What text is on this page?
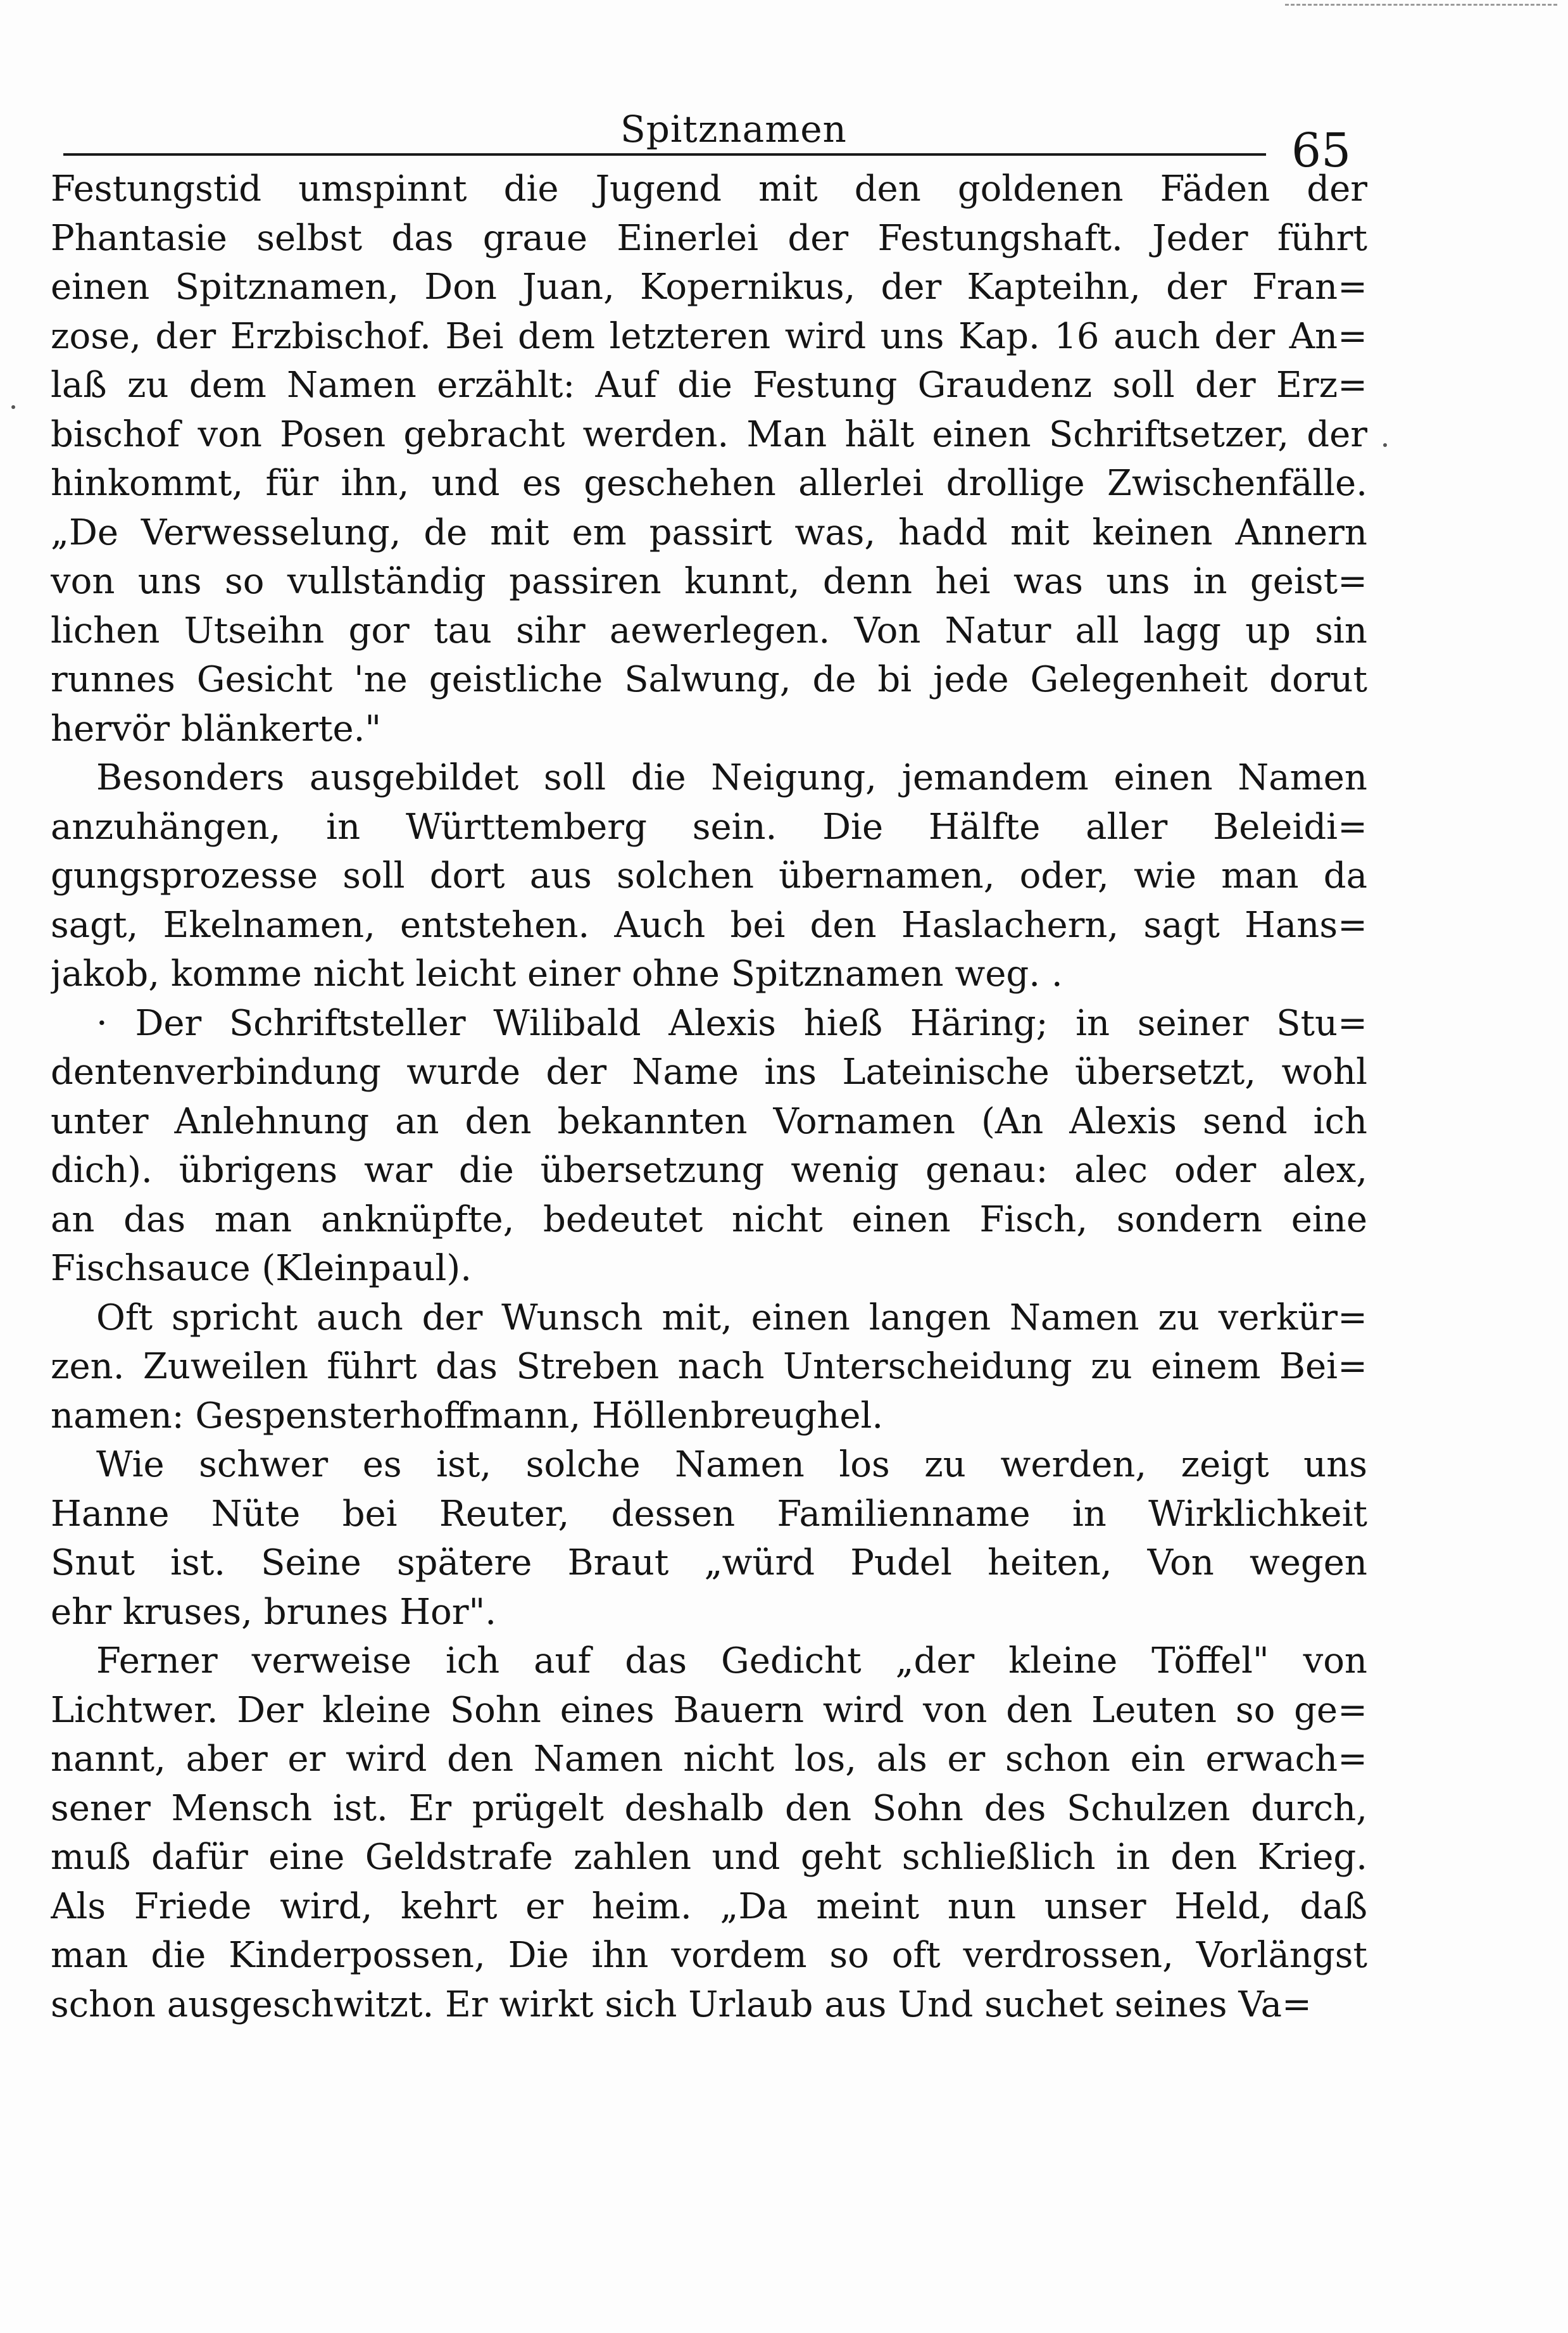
Spitznamen	65
Festungstid umspinnt die Jugend mit den goldenen Fäden der
Phantasie selbst das graue Einerlei der Festungshaft. Jeder führt
einen Spitznamen, Don Juan, Kopernikus, der Kapteihn, der Fran=
zose, der Erzbischof. Bei dem letzteren wird uns Kap. 16 auch der An=
laß zu dem Namen erzählt: Auf die Festung Graudenz soll der Erz=
bischof von Posen gebracht werden. Man hält einen Schriftsetzer, der
hinkommt, für ihn, und es geschehen allerlei drollige Zwischenfälle.
„De Verwesselung, de mit em passirt was, hadd mit keinen Annern
von uns so vullständig passiren kunnt, denn hei was uns in geist=
lichen Utseihn gor tau sihr aewerlegen. Von Natur all lagg up sin
runnes Gesicht 'ne geistliche Salwung, de bi jede Gelegenheit dorut
hervör blänkerte."
Besonders ausgebildet soll die Neigung, jemandem einen Namen
anzuhängen, in Württemberg sein. Die Hälfte aller Beleidi=
gungsprozesse soll dort aus solchen übernamen, oder, wie man da
sagt, Ekelnamen, entstehen. Auch bei den Haslachern, sagt Hans=
jakob, komme nicht leicht einer ohne Spitznamen weg. .
· Der Schriftsteller Wilibald Alexis hieß Häring; in seiner Stu=
dentenverbindung wurde der Name ins Lateinische übersetzt, wohl
unter Anlehnung an den bekannten Vornamen (An Alexis send ich
dich). übrigens war die übersetzung wenig genau: alec oder alex,
an das man anknüpfte, bedeutet nicht einen Fisch, sondern eine
Fischsauce (Kleinpaul).
Oft spricht auch der Wunsch mit, einen langen Namen zu verkür=
zen. Zuweilen führt das Streben nach Unterscheidung zu einem Bei=
namen: Gespensterhoffmann, Höllenbreughel.
Wie schwer es ist, solche Namen los zu werden, zeigt uns
Hanne Nüte bei Reuter, dessen Familienname in Wirklichkeit
Snut ist. Seine spätere Braut „würd Pudel heiten, Von wegen
ehr kruses, brunes Hor".
Ferner verweise ich auf das Gedicht „der kleine Töffel" von
Lichtwer. Der kleine Sohn eines Bauern wird von den Leuten so ge=
nannt, aber er wird den Namen nicht los, als er schon ein erwach=
sener Mensch ist. Er prügelt deshalb den Sohn des Schulzen durch,
muß dafür eine Geldstrafe zahlen und geht schließlich in den Krieg.
Als Friede wird, kehrt er heim. „Da meint nun unser Held, daß
man die Kinderpossen, Die ihn vordem so oft verdrossen, Vorlängst
schon ausgeschwitzt. Er wirkt sich Urlaub aus Und suchet seines Va=
